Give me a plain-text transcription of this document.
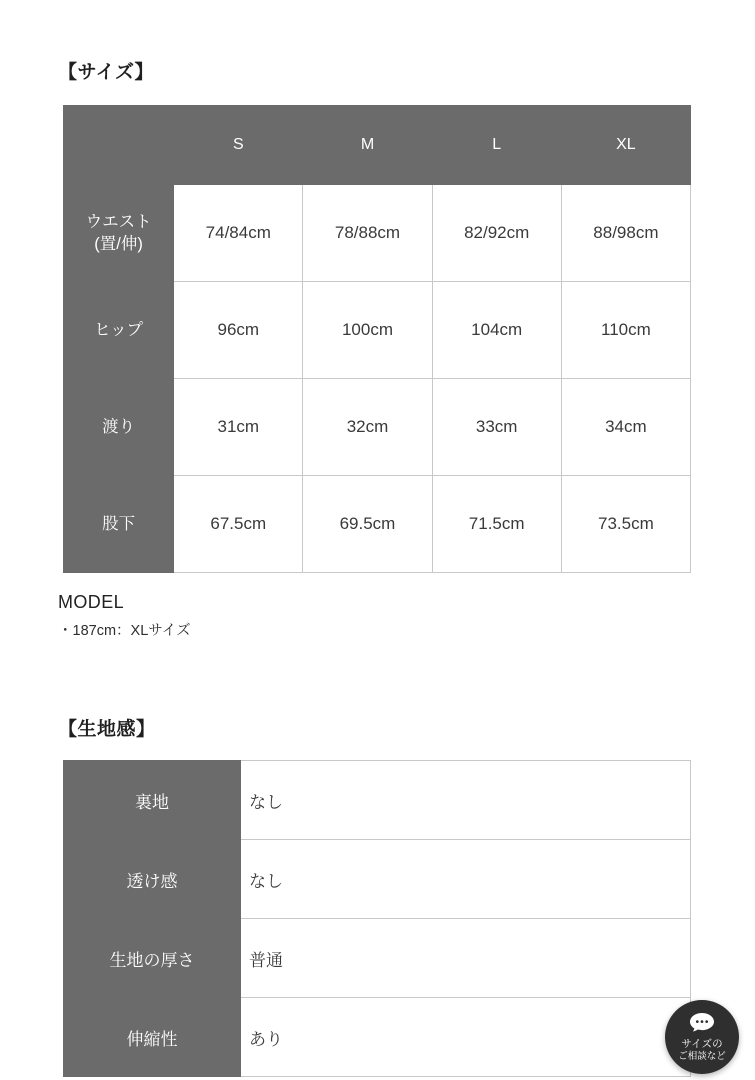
【サイズ】
	S	M	L	XL
ウエスト
(置/伸)	74/84cm	78/88cm	82/92cm	88/98cm
ヒップ	96cm	100cm	104cm	110cm
渡り	31cm	32cm	33cm	34cm
股下	67.5cm	69.5cm	71.5cm	73.5cm

MODEL

・187cm：XLサイズ

【生地感】
裏地	なし
透け感	なし
生地の厚さ	普通
伸縮性	あり	サイズの
ご相談など
